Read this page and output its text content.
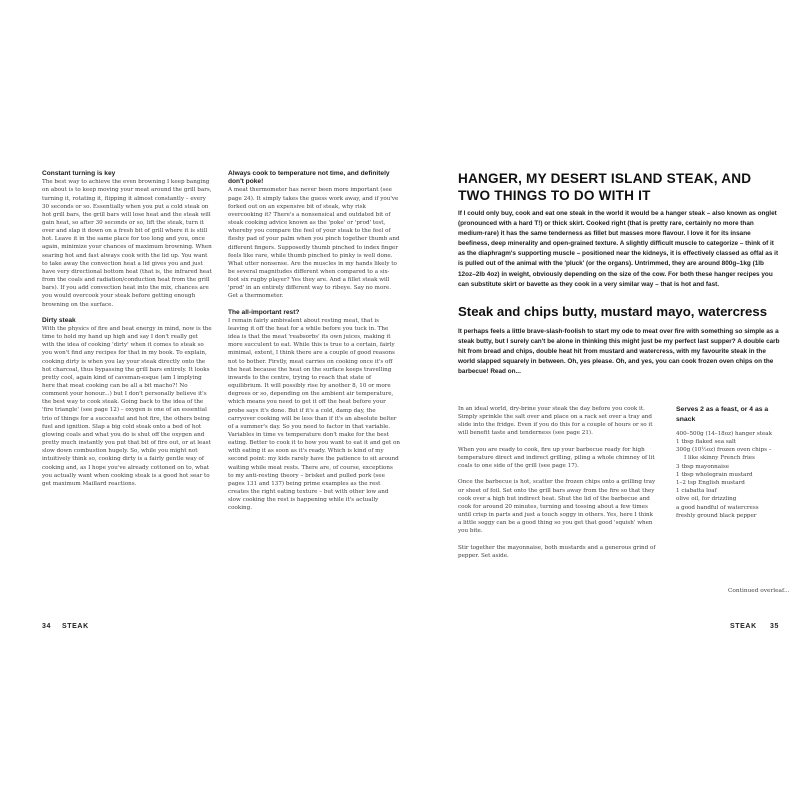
Constant turning is key

The best way to achieve the even browning I keep banging on about is to keep moving your meat around the grill bars, turning it, rotating it, flipping it almost constantly – every 30 seconds or so. Essentially when you put a cold steak on hot grill bars, the grill bars will lose heat and the steak will gain heat, so after 30 seconds or so, lift the steak, turn it over and slap it down on a fresh bit of grill where it is still hot. Leave it in the same place for too long and you, once again, minimize your chances of maximum browning. When searing hot and fast always cook with the lid up. You want to take away the convection heat a lid gives you and just have very directional bottom heat (that is, the infrared heat from the coals and radiation/conduction heat from the grill bars). If you add convection heat into the mix, chances are you would overcook your steak before getting enough browning on the surface.

Dirty steak

With the physics of fire and heat energy in mind, now is the time to hold my hand up high and say I don't really get with the idea of cooking 'dirty' when it comes to steak so you won't find any recipes for that in my book. To explain, cooking dirty is when you lay your steak directly onto the hot charcoal, thus bypassing the grill bars entirely. It looks pretty cool, again kind of caveman-esque (am I implying here that meat cooking can be all a bit macho?! No comment your honour...) but I don't personally believe it's the best way to cook steak. Going back to the idea of the 'fire triangle' (see page 12) – oxygen is one of an essential trio of things for a successful and hot fire, the others being fuel and ignition. Slap a big cold steak onto a bed of hot glowing coals and what you do is shut off the oxygen and pretty much instantly you put that bit of fire out, or at least slow down combustion hugely. So, while you might not intuitively think so, cooking dirty is a fairly gentle way of cooking and, as I hope you've already cottoned on to, what you actually want when cooking steak is a good hot sear to get maximum Maillard reactions.

Always cook to temperature not time, and definitely don't poke!

A meat thermometer has never been more important (see page 24). It simply takes the guess work away, and if you've forked out on an expensive bit of steak, why risk overcooking it? There's a nonsensical and outdated bit of steak cooking advice known as the 'poke' or 'prod' test, whereby you compare the feel of your steak to the feel of fleshy pad of your palm when you pinch together thumb and different fingers. Supposedly thumb pinched to index finger feels like rare, while thumb pinched to pinky is well done. What utter nonsense. Are the muscles in my hands likely to be several magnitudes different when compared to a six-foot six rugby player? Yes they are. And a fillet steak will 'prod' in an entirely different way to ribeye. Say no more. Get a thermometer.

The all-important rest?

I remain fairly ambivalent about resting meat, that is leaving it off the heat for a while before you tuck in. The idea is that the meat 'reabsorbs' its own juices, making it more succulent to eat. While this is true to a certain, fairly minimal, extent, I think there are a couple of good reasons not to bother. Firstly, meat carries on cooking once it's off the heat because the heat on the surface keeps travelling inwards to the centre, trying to reach that state of equilibrium. It will possibly rise by another 8, 10 or more degrees or so, depending on the ambient air temperature, which means you need to get it off the heat before your probe says it's done. But if it's a cold, damp day, the carryover cooking will be less than if it's an absolute belter of a summer's day. So you need to factor in that variable. Variables in time vs temperature don't make for the best eating. Better to cook it to how you want to eat it and get on with eating it as soon as it's ready. Which is kind of my second point: my kids rarely have the patience to sit around waiting while meat rests. There are, of course, exceptions to my anti-resting theory – brisket and pulled pork (see pages 131 and 137) being prime examples as the rest creates the right eating texture – but with other low and slow cooking the rest is happening while it's actually cooking.

34 STEAK
HANGER, MY DESERT ISLAND STEAK, AND TWO THINGS TO DO WITH IT

If I could only buy, cook and eat one steak in the world it would be a hanger steak – also known as onglet (pronounced with a hard T!) or thick skirt. Cooked right (that is pretty rare, certainly no more than medium-rare) it has the same tenderness as fillet but masses more flavour. I love it for its insane beefiness, deep minerality and open-grained texture. A slightly difficult muscle to categorize – think of it as the diaphragm's supporting muscle – positioned near the kidneys, it is effectively classed as offal as it is pulled out of the animal with the 'pluck' (or the organs). Untrimmed, they are around 800g–1kg (1lb 12oz–2lb 4oz) in weight, obviously depending on the size of the cow. For both these hanger recipes you can substitute skirt or bavette as they cook in a very similar way – that is hot and fast.

Steak and chips butty, mustard mayo, watercress

It perhaps feels a little brave-slash-foolish to start my ode to meat over fire with something so simple as a steak butty, but I surely can't be alone in thinking this might just be my perfect last supper? A double carb hit from bread and chips, double heat hit from mustard and watercress, with my favourite steak in the world slapped squarely in between. Oh, yes please. Oh, and yes, you can cook frozen oven chips on the barbecue! Read on...

In an ideal world, dry-brine your steak the day before you cook it. Simply sprinkle the salt over and place on a rack set over a tray and slide into the fridge. Even if you do this for a couple of hours or so it will benefit taste and tenderness (see page 21).

When you are ready to cook, fire up your barbecue ready for high temperature direct and indirect grilling, piling a whole chimney of lit coals to one side of the grill (see page 17).

Once the barbecue is hot, scatter the frozen chips onto a grilling tray or sheet of foil. Set onto the grill bars away from the fire so that they cook over a high but indirect heat. Shut the lid of the barbecue and cook for around 20 minutes, turning and tossing about a few times until crisp in parts and just a touch soggy in others. Yes, here I think a little soggy can be a good thing so you get that good 'squish' when you bite.

Stir together the mayonnaise, both mustards and a generous grind of pepper. Set aside.

Serves 2 as a feast, or 4 as a snack

400–500g (14–18oz) hanger steak
1 tbsp flaked sea salt
300g (10½oz) frozen oven chips –
I like skinny French fries
3 tbsp mayonnaise
1 tbsp wholegrain mustard
1–2 tsp English mustard
1 ciabatta loaf
olive oil, for drizzling
a good handful of watercress
freshly ground black pepper
Continued overleaf...
STEAK 35
